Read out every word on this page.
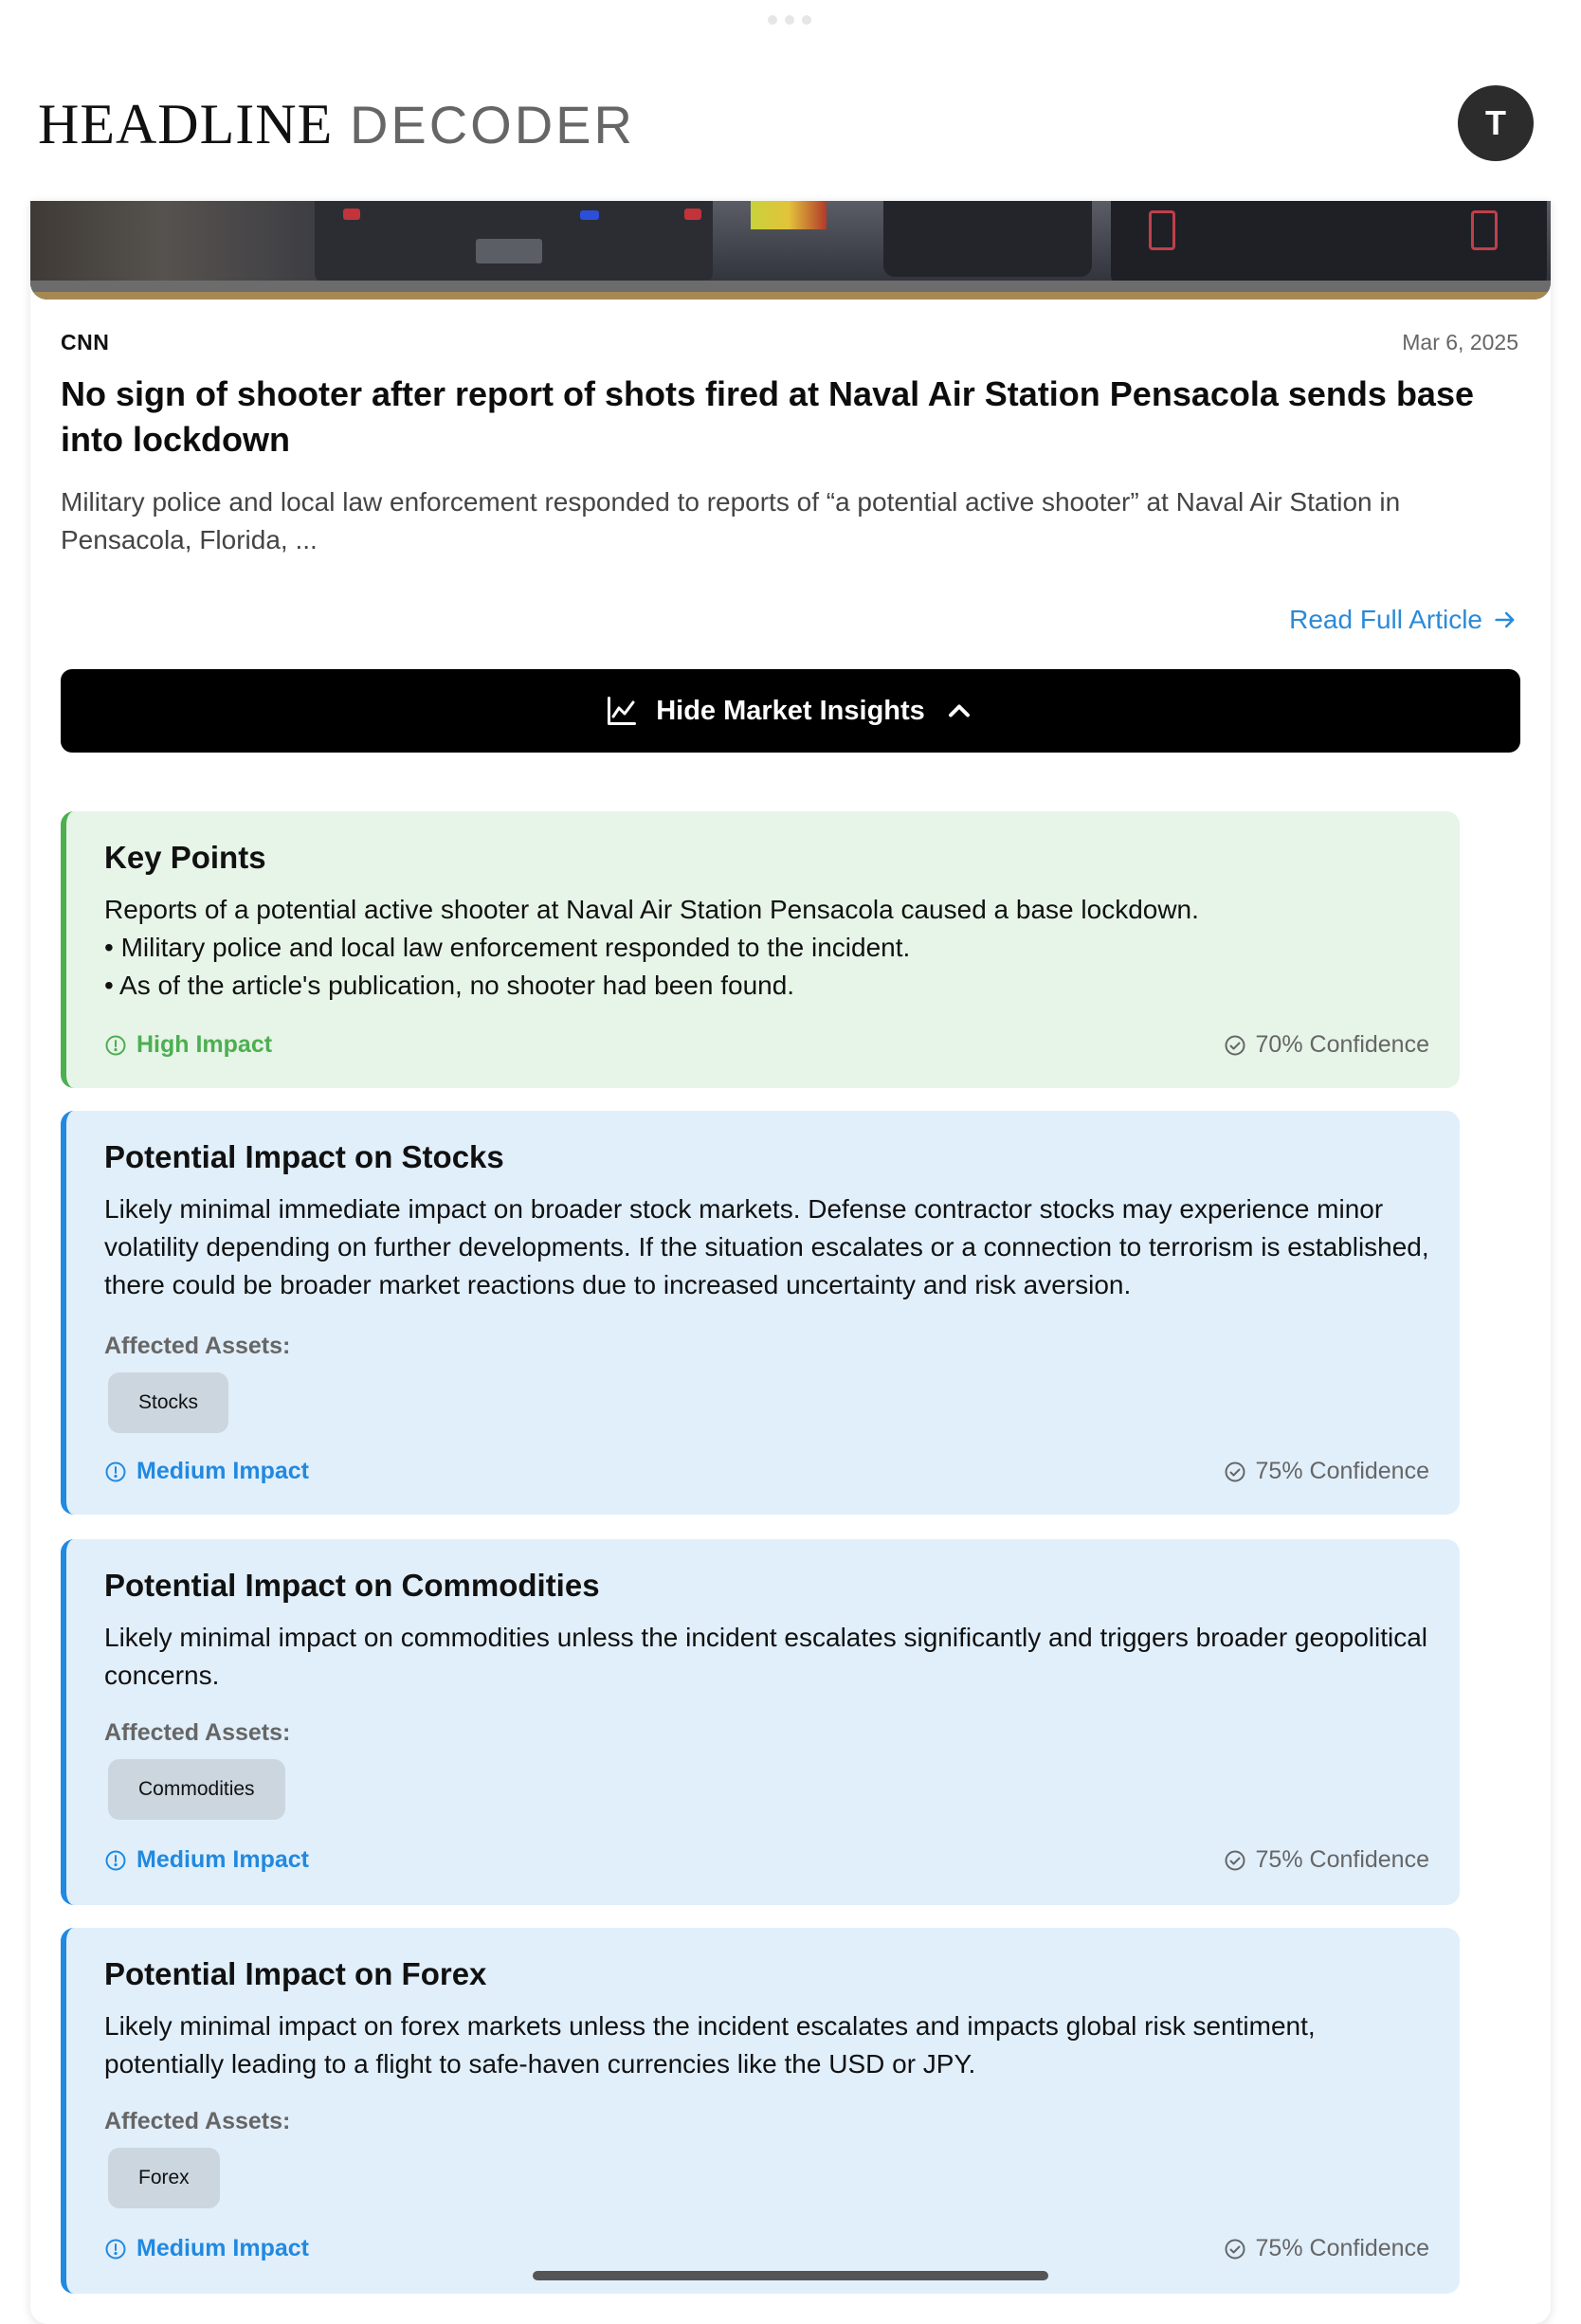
HEADLINE DECODER	T
CNN	Mar 6, 2025
No sign of shooter after report of shots fired at Naval Air Station Pensacola sends base into lockdown
Military police and local law enforcement responded to reports of “a potential active shooter” at Naval Air Station in Pensacola, Florida, ...
Read Full Article
Hide Market Insights
Key Points
Reports of a potential active shooter at Naval Air Station Pensacola caused a base lockdown.
• Military police and local law enforcement responded to the incident.
• As of the article's publication, no shooter had been found.
High Impact	70% Confidence
Potential Impact on Stocks
Likely minimal immediate impact on broader stock markets. Defense contractor stocks may experience minor volatility depending on further developments. If the situation escalates or a connection to terrorism is established, there could be broader market reactions due to increased uncertainty and risk aversion.
Affected Assets:
Stocks
Medium Impact	75% Confidence
Potential Impact on Commodities
Likely minimal impact on commodities unless the incident escalates significantly and triggers broader geopolitical concerns.
Affected Assets:
Commodities
Medium Impact	75% Confidence
Potential Impact on Forex
Likely minimal impact on forex markets unless the incident escalates and impacts global risk sentiment, potentially leading to a flight to safe-haven currencies like the USD or JPY.
Affected Assets:
Forex
Medium Impact	75% Confidence
